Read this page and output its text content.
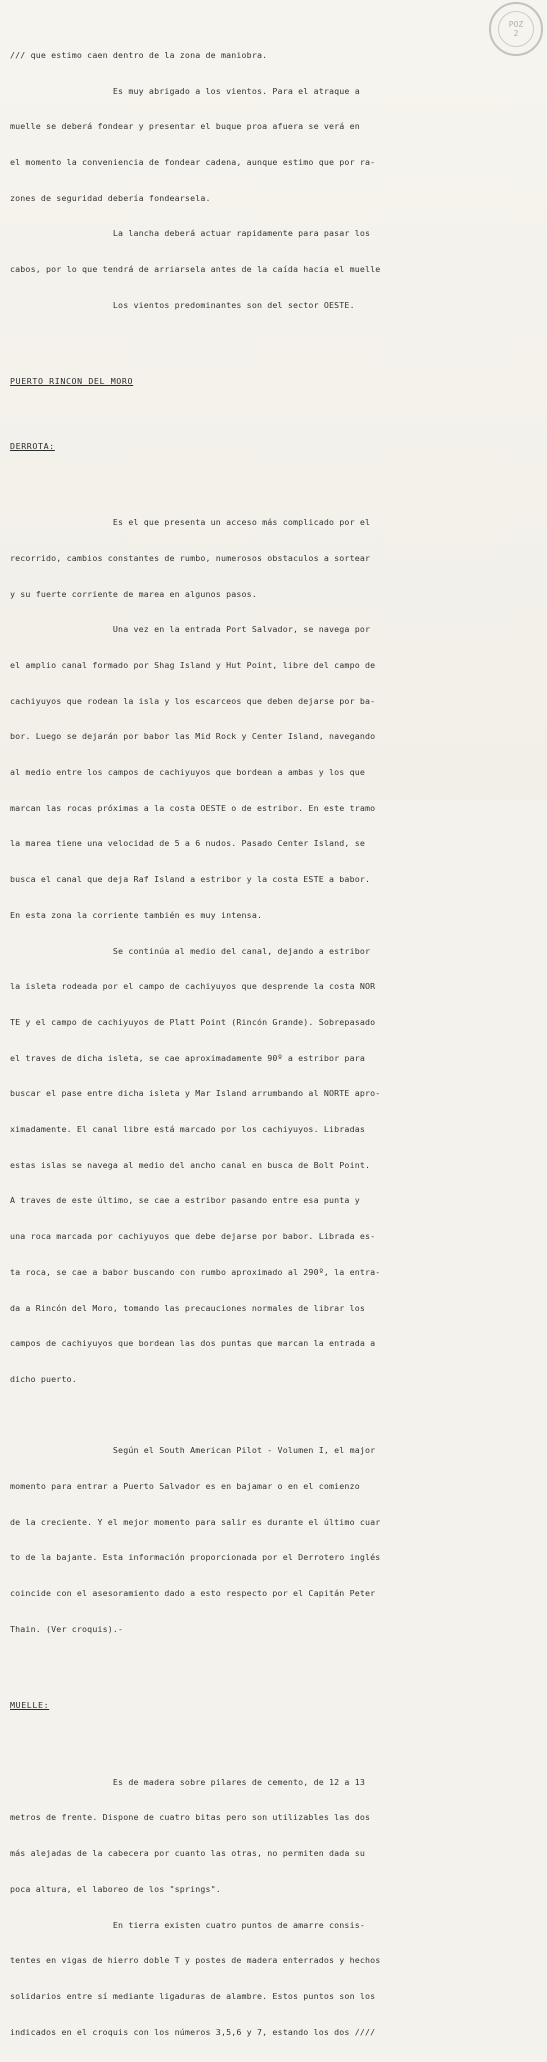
POZ
2

/// que estimo caen dentro de la zona de maniobra.

Es muy abrigado a los vientos. Para el atraque a

muelle se deberá fondear y presentar el buque proa afuera se verá en

el momento la conveniencia de fondear cadena, aunque estimo que por ra-

zones de seguridad debería fondearsela.

La lancha deberá actuar rapidamente para pasar los

cabos, por lo que tendrá de arriarsela antes de la caída hacia el muelle

Los vientos predominantes son del sector OESTE.

PUERTO RINCON DEL MORO

DERROTA:

Es el que presenta un acceso más complicado por el

recorrido, cambios constantes de rumbo, numerosos obstaculos a sortear

y su fuerte corriente de marea en algunos pasos.

Una vez en la entrada Port Salvador, se navega por

el amplio canal formado por Shag Island y Hut Point, libre del campo de

cachiyuyos que rodean la isla y los escarceos que deben dejarse por ba-

bor. Luego se dejarán por babor las Mid Rock y Center Island, navegando

al medio entre los campos de cachiyuyos que bordean a ambas y los que

marcan las rocas próximas a la costa OESTE o de estribor. En este tramo

la marea tiene una velocidad de 5 a 6 nudos. Pasado Center Island, se

busca el canal que deja Raf Island a estribor y la costa ESTE a babor.

En esta zona la corriente también es muy intensa.

Se continúa al medio del canal, dejando a estribor

la isleta rodeada por el campo de cachiyuyos que desprende la costa NOR

TE y el campo de cachiyuyos de Platt Point (Rincón Grande). Sobrepasado

el traves de dicha isleta, se cae aproximadamente 90º a estribor para

buscar el pase entre dicha isleta y Mar Island arrumbando al NORTE apro-

ximadamente. El canal libre está marcado por los cachiyuyos. Libradas

estas islas se navega al medio del ancho canal en busca de Bolt Point.

A traves de este último, se cae a estribor pasando entre esa punta y

una roca marcada por cachiyuyos que debe dejarse por babor. Librada es-

ta roca, se cae a babor buscando con rumbo aproximado al 290º, la entra-

da a Rincón del Moro, tomando las precauciones normales de librar los

campos de cachiyuyos que bordean las dos puntas que marcan la entrada a

dicho puerto.

Según el South American Pilot - Volumen I, el major

momento para entrar a Puerto Salvador es en bajamar o en el comienzo

de la creciente. Y el mejor momento para salir es durante el último cuar

to de la bajante. Esta información proporcionada por el Derrotero inglés

coincide con el asesoramiento dado a esto respecto por el Capitán Peter

Thain. (Ver croquis).-

MUELLE:

Es de madera sobre pilares de cemento, de 12 a 13

metros de frente. Dispone de cuatro bitas pero son utilizables las dos

más alejadas de la cabecera por cuanto las otras, no permiten dada su

poca altura, el laboreo de los "springs".

En tierra existen cuatro puntos de amarre consis-

tentes en vigas de hierro doble T y postes de madera enterrados y hechos

solidarios entre sí mediante ligaduras de alambre. Estos puntos son los

indicados en el croquis con los números 3,5,6 y 7, estando los dos ////
